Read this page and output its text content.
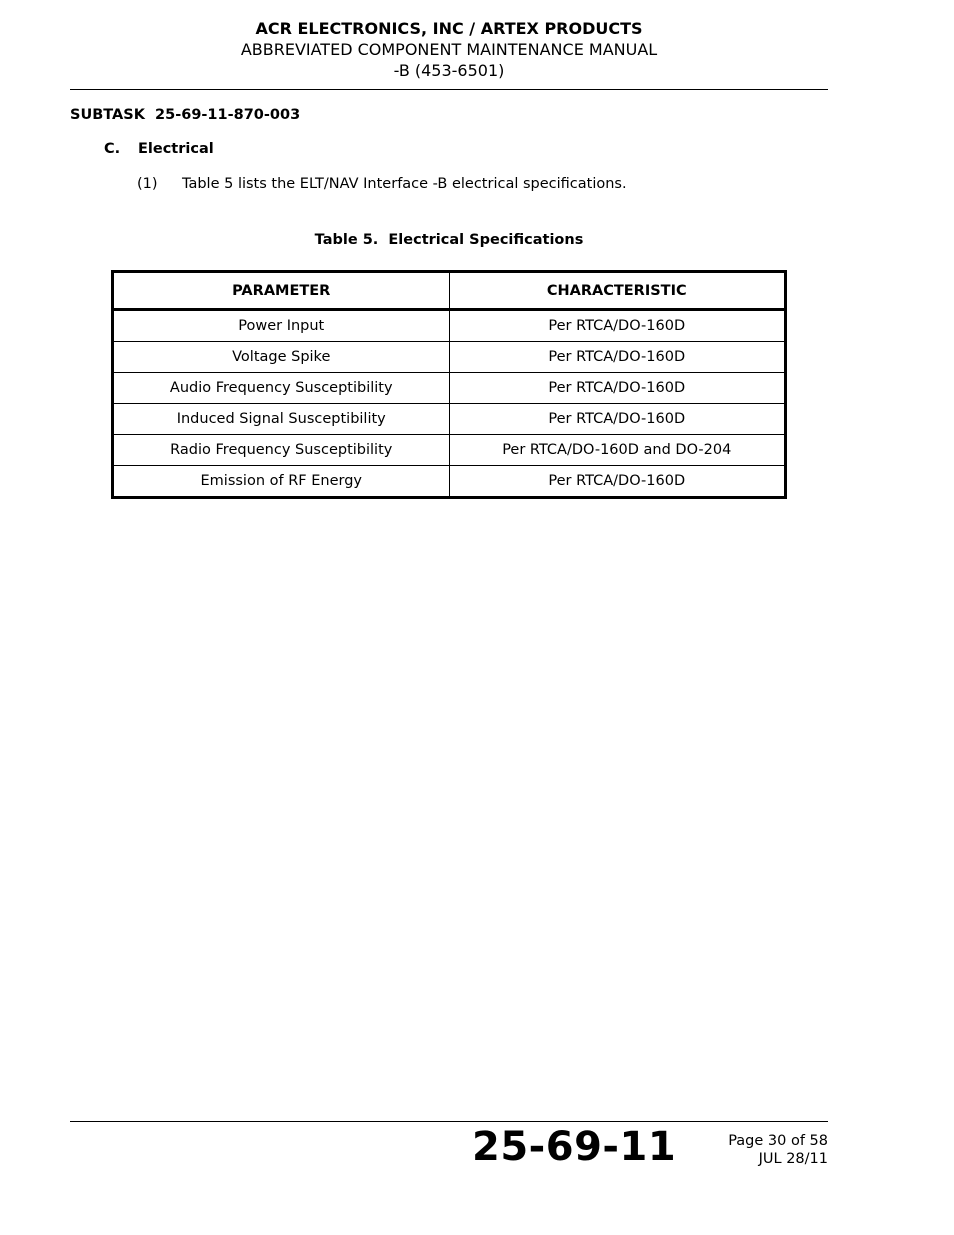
ACR ELECTRONICS, INC / ARTEX PRODUCTS
ABBREVIATED COMPONENT MAINTENANCE MANUAL
-B (453-6501)
SUBTASK  25-69-11-870-003
C. Electrical
(1) Table 5 lists the ELT/NAV Interface -B electrical specifications.
Table 5.  Electrical Specifications
PARAMETER	CHARACTERISTIC
Power Input	Per RTCA/DO-160D
Voltage Spike	Per RTCA/DO-160D
Audio Frequency Susceptibility	Per RTCA/DO-160D
Induced Signal Susceptibility	Per RTCA/DO-160D
Radio Frequency Susceptibility	Per RTCA/DO-160D and DO-204
Emission of RF Energy	Per RTCA/DO-160D
25-69-11	Page 30 of 58
JUL 28/11
